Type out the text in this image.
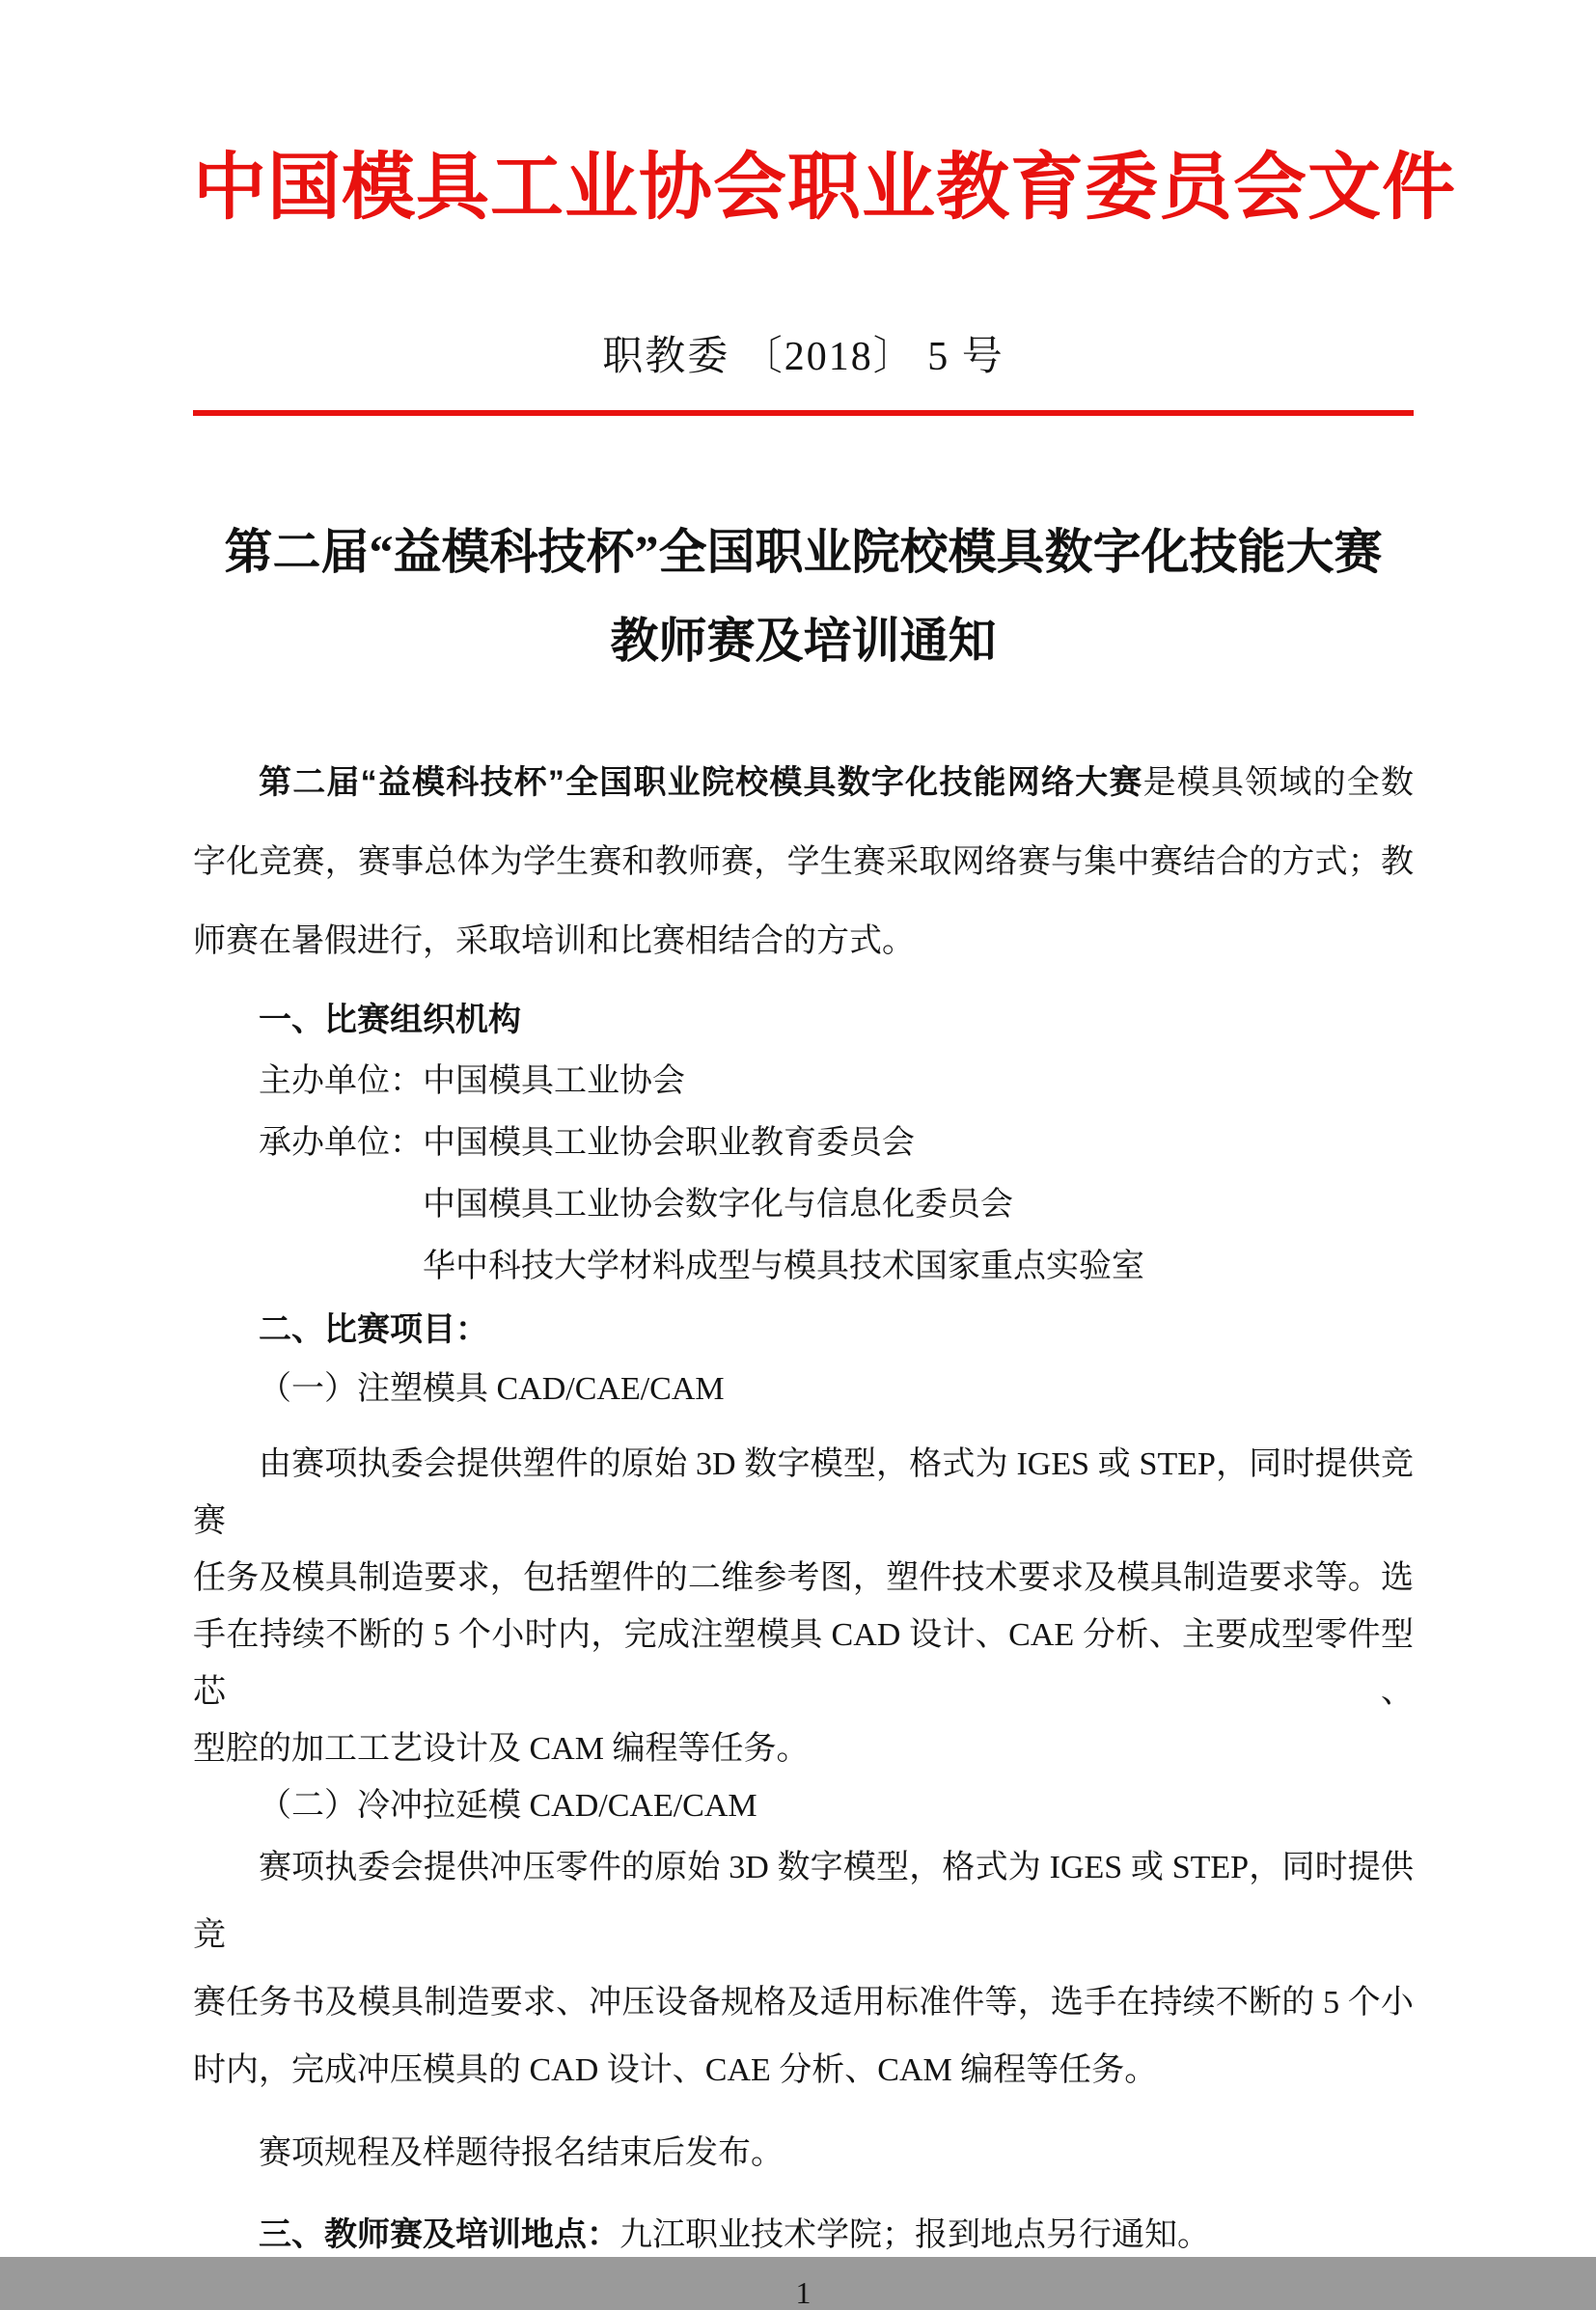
中国模具工业协会职业教育委员会文件
职教委 〔2018〕 5 号
第二届“益模科技杯”全国职业院校模具数字化技能大赛
教师赛及培训通知
第二届“益模科技杯”全国职业院校模具数字化技能网络大赛是模具领域的全数
字化竞赛，赛事总体为学生赛和教师赛，学生赛采取网络赛与集中赛结合的方式；教
师赛在暑假进行，采取培训和比赛相结合的方式。
一、比赛组织机构
主办单位：中国模具工业协会
承办单位：中国模具工业协会职业教育委员会
中国模具工业协会数字化与信息化委员会
华中科技大学材料成型与模具技术国家重点实验室
二、比赛项目：
（一）注塑模具 CAD/CAE/CAM
由赛项执委会提供塑件的原始 3D 数字模型，格式为 IGES 或 STEP，同时提供竞赛
任务及模具制造要求，包括塑件的二维参考图，塑件技术要求及模具制造要求等。选
手在持续不断的 5 个小时内，完成注塑模具 CAD 设计、CAE 分析、主要成型零件型芯、
型腔的加工工艺设计及 CAM 编程等任务。
（二）冷冲拉延模 CAD/CAE/CAM
赛项执委会提供冲压零件的原始 3D 数字模型，格式为 IGES 或 STEP，同时提供竞
赛任务书及模具制造要求、冲压设备规格及适用标准件等，选手在持续不断的 5 个小
时内，完成冲压模具的 CAD 设计、CAE 分析、CAM 编程等任务。
赛项规程及样题待报名结束后发布。
三、教师赛及培训地点：九江职业技术学院；报到地点另行通知。
1
